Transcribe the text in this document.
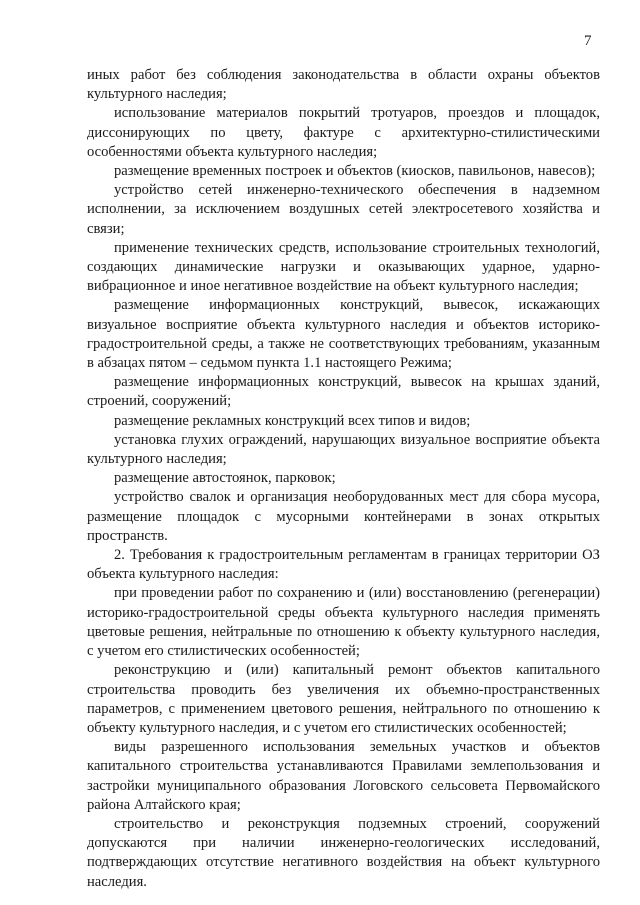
7

иных работ без соблюдения законодательства в области охраны объектов культурного наследия;

использование материалов покрытий тротуаров, проездов и площадок, диссонирующих по цвету, фактуре с архитектурно-стилистическими особенностями объекта культурного наследия;

размещение временных построек и объектов (киосков, павильонов, навесов);

устройство сетей инженерно-технического обеспечения в надземном исполнении, за исключением воздушных сетей электросетевого хозяйства и связи;

применение технических средств, использование строительных технологий, создающих динамические нагрузки и оказывающих ударное, ударно-вибрационное и иное негативное воздействие на объект культурного наследия;

размещение информационных конструкций, вывесок, искажающих визуальное восприятие объекта культурного наследия и объектов историко-градостроительной среды, а также не соответствующих требованиям, указанным в абзацах пятом – седьмом пункта 1.1 настоящего Режима;

размещение информационных конструкций, вывесок на крышах зданий, строений, сооружений;

размещение рекламных конструкций всех типов и видов;

установка глухих ограждений, нарушающих визуальное восприятие объекта культурного наследия;

размещение автостоянок, парковок;

устройство свалок и организация необорудованных мест для сбора мусора, размещение площадок с мусорными контейнерами в зонах открытых пространств.

2. Требования к градостроительным регламентам в границах территории ОЗ объекта культурного наследия:

при проведении работ по сохранению и (или) восстановлению (регенерации) историко-градостроительной среды объекта культурного наследия применять цветовые решения, нейтральные по отношению к объекту культурного наследия, с учетом его стилистических особенностей;

реконструкцию и (или) капитальный ремонт объектов капитального строительства проводить без увеличения их объемно-пространственных параметров, с применением цветового решения, нейтрального по отношению к объекту культурного наследия, и с учетом его стилистических особенностей;

виды разрешенного использования земельных участков и объектов капитального строительства устанавливаются Правилами землепользования и застройки муниципального образования Логовского сельсовета Первомайского района Алтайского края;

строительство и реконструкция подземных строений, сооружений допускаются при наличии инженерно-геологических исследований, подтверждающих отсутствие негативного воздействия на объект культурного наследия.
